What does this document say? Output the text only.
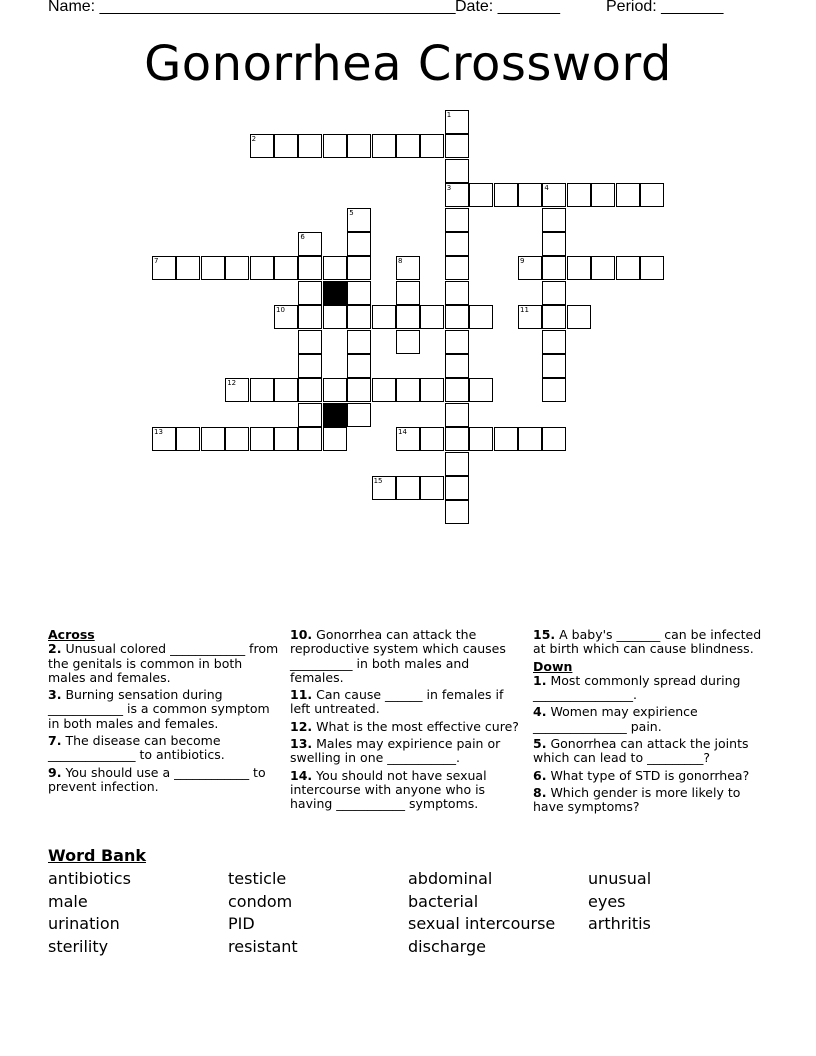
Name: ________________________________________ Date: _______	Period: _______
Gonorrhea Crossword
1
3
2
4
5
6
7	8	9
10	11
12
13	14
15
Across
2. Unusual colored ____________ from the genitals is common in both males and females.
3. Burning sensation during ____________ is a common symptom in both males and females.
7. The disease can become ______________ to antibiotics.
9. You should use a ____________ to prevent infection.
10. Gonorrhea can attack the reproductive system which causes __________ in both males and females.
11. Can cause ______ in females if left untreated.
12. What is the most effective cure?
13. Males may expirience pain or swelling in one ___________.
14. You should not have sexual intercourse with anyone who is having ___________ symptoms.
15. A baby's _______ can be infected at birth which can cause blindness.
Down
1. Most commonly spread during ________________.
4. Women may expirience _______________ pain.
5. Gonorrhea can attack the joints which can lead to _________?
6. What type of STD is gonorrhea?
8. Which gender is more likely to have symptoms?
Word Bank
antibiotics	testicle	abdominal	unusual
male	condom	bacterial	eyes
urination	PID	sexual intercourse	arthritis
sterility	resistant	discharge
